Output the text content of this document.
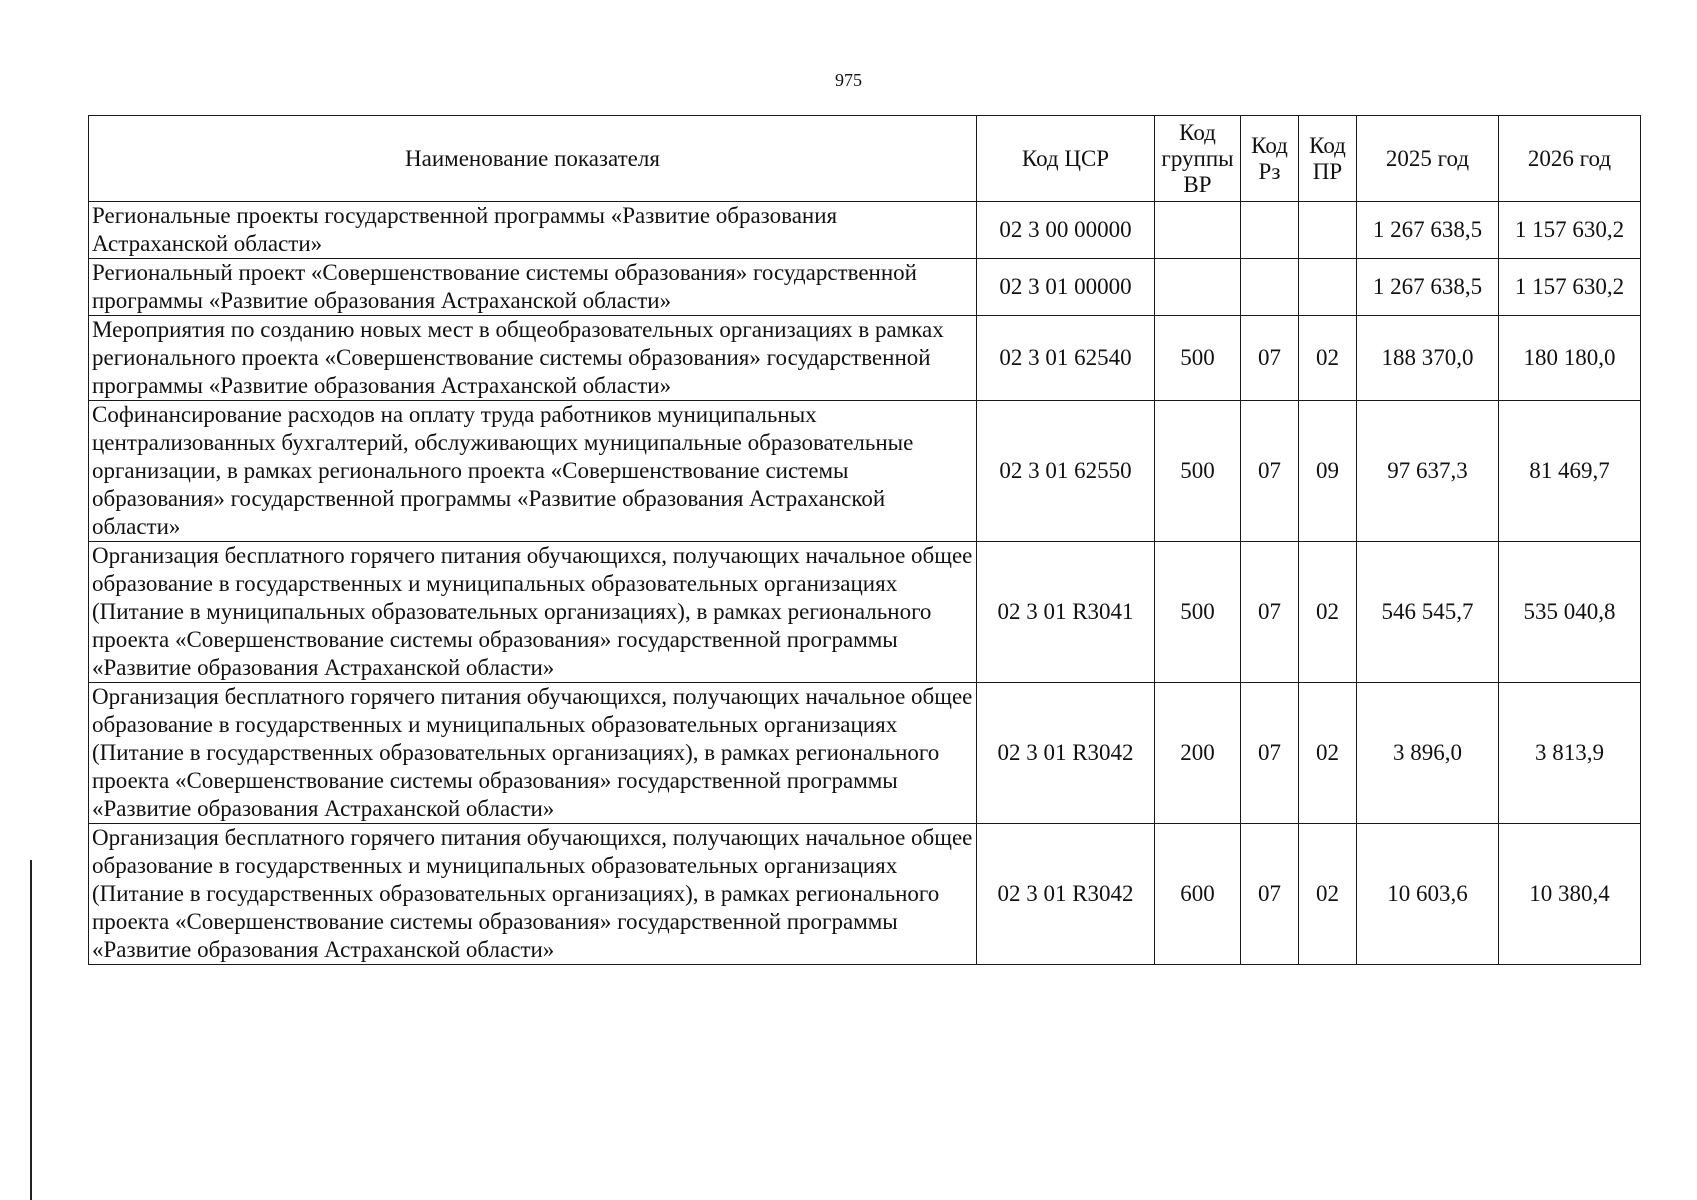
975
Наименование показателя	Код ЦСР	Код группы ВР	Код Рз	Код ПР	2025 год	2026 год
Региональные проекты государственной программы «Развитие образования Астраханской области»	02 3 00 00000				1 267 638,5	1 157 630,2
Региональный проект «Совершенствование системы образования» государственной программы «Развитие образования Астраханской области»	02 3 01 00000				1 267 638,5	1 157 630,2
Мероприятия по созданию новых мест в общеобразовательных организациях в рамках регионального проекта «Совершенствование системы образования» государственной программы «Развитие образования Астраханской области»	02 3 01 62540	500	07	02	188 370,0	180 180,0
Софинансирование расходов на оплату труда работников муниципальных централизованных бухгалтерий, обслуживающих муниципальные образовательные организации, в рамках регионального проекта «Совершенствование системы образования» государственной программы «Развитие образования Астраханской области»	02 3 01 62550	500	07	09	97 637,3	81 469,7
Организация бесплатного горячего питания обучающихся, получающих начальное общее образование в государственных и муниципальных образовательных организациях (Питание в муниципальных образовательных организациях), в рамках регионального проекта «Совершенствование системы образования» государственной программы «Развитие образования Астраханской области»	02 3 01 R3041	500	07	02	546 545,7	535 040,8
Организация бесплатного горячего питания обучающихся, получающих начальное общее образование в государственных и муниципальных образовательных организациях (Питание в государственных образовательных организациях), в рамках регионального проекта «Совершенствование системы образования» государственной программы «Развитие образования Астраханской области»	02 3 01 R3042	200	07	02	3 896,0	3 813,9
Организация бесплатного горячего питания обучающихся, получающих начальное общее образование в государственных и муниципальных образовательных организациях (Питание в государственных образовательных организациях), в рамках регионального проекта «Совершенствование системы образования» государственной программы «Развитие образования Астраханской области»	02 3 01 R3042	600	07	02	10 603,6	10 380,4
